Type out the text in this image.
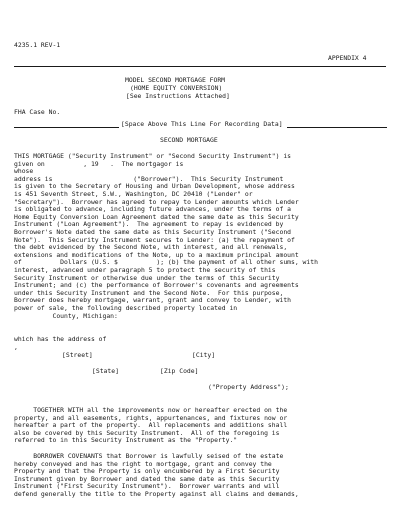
4235.1 REV-1
APPENDIX 4
MODEL SECOND MORTGAGE FORM
(HOME EQUITY CONVERSION)
[See Instructions Attached]
FHA Case No.
[Space Above This Line For Recording Data]
SECOND MORTGAGE
THIS MORTGAGE ("Security Instrument" or "Second Security Instrument") is
given on          , 19   .  The mortgagor is
whose
address is                     ("Borrower").  This Security Instrument
is given to the Secretary of Housing and Urban Development, whose address
is 451 Seventh Street, S.W., Washington, DC 20410 ("Lender" or
"Secretary").  Borrower has agreed to repay to Lender amounts which Lender
is obligated to advance, including future advances, under the terms of a
Home Equity Conversion Loan Agreement dated the same date as this Security
Instrument ("Loan Agreement").  The agreement to repay is evidenced by
Borrower's Note dated the same date as this Security Instrument ("Second
Note").  This Security Instrument secures to Lender: (a) the repayment of
the debt evidenced by the Second Note, with interest, and all renewals,
extensions and modifications of the Note, up to a maximum principal amount
of          Dollars (U.S. $          ); (b) the payment of all other sums, with
interest, advanced under paragraph 5 to protect the security of this
Security Instrument or otherwise due under the terms of this Security
Instrument; and (c) the performance of Borrower's covenants and agreements
under this Security Instrument and the Second Note.  For this purpose,
Borrower does hereby mortgage, warrant, grant and convey to Lender, with
power of sale, the following described property located in
County, Michigan:
which has the address of
,
[Street]	[City]
[State]	[Zip Code]
("Property Address");
TOGETHER WITH all the improvements now or hereafter erected on the
property, and all easements, rights, appurtenances, and fixtures now or
hereafter a part of the property.  All replacements and additions shall
also be covered by this Security Instrument.  All of the foregoing is
referred to in this Security Instrument as the "Property."
BORROWER COVENANTS that Borrower is lawfully seised of the estate
hereby conveyed and has the right to mortgage, grant and convey the
Property and that the Property is only encumbered by a First Security
Instrument given by Borrower and dated the same date as this Security
Instrument ("First Security Instrument").  Borrower warrants and will
defend generally the title to the Property against all claims and demands,
